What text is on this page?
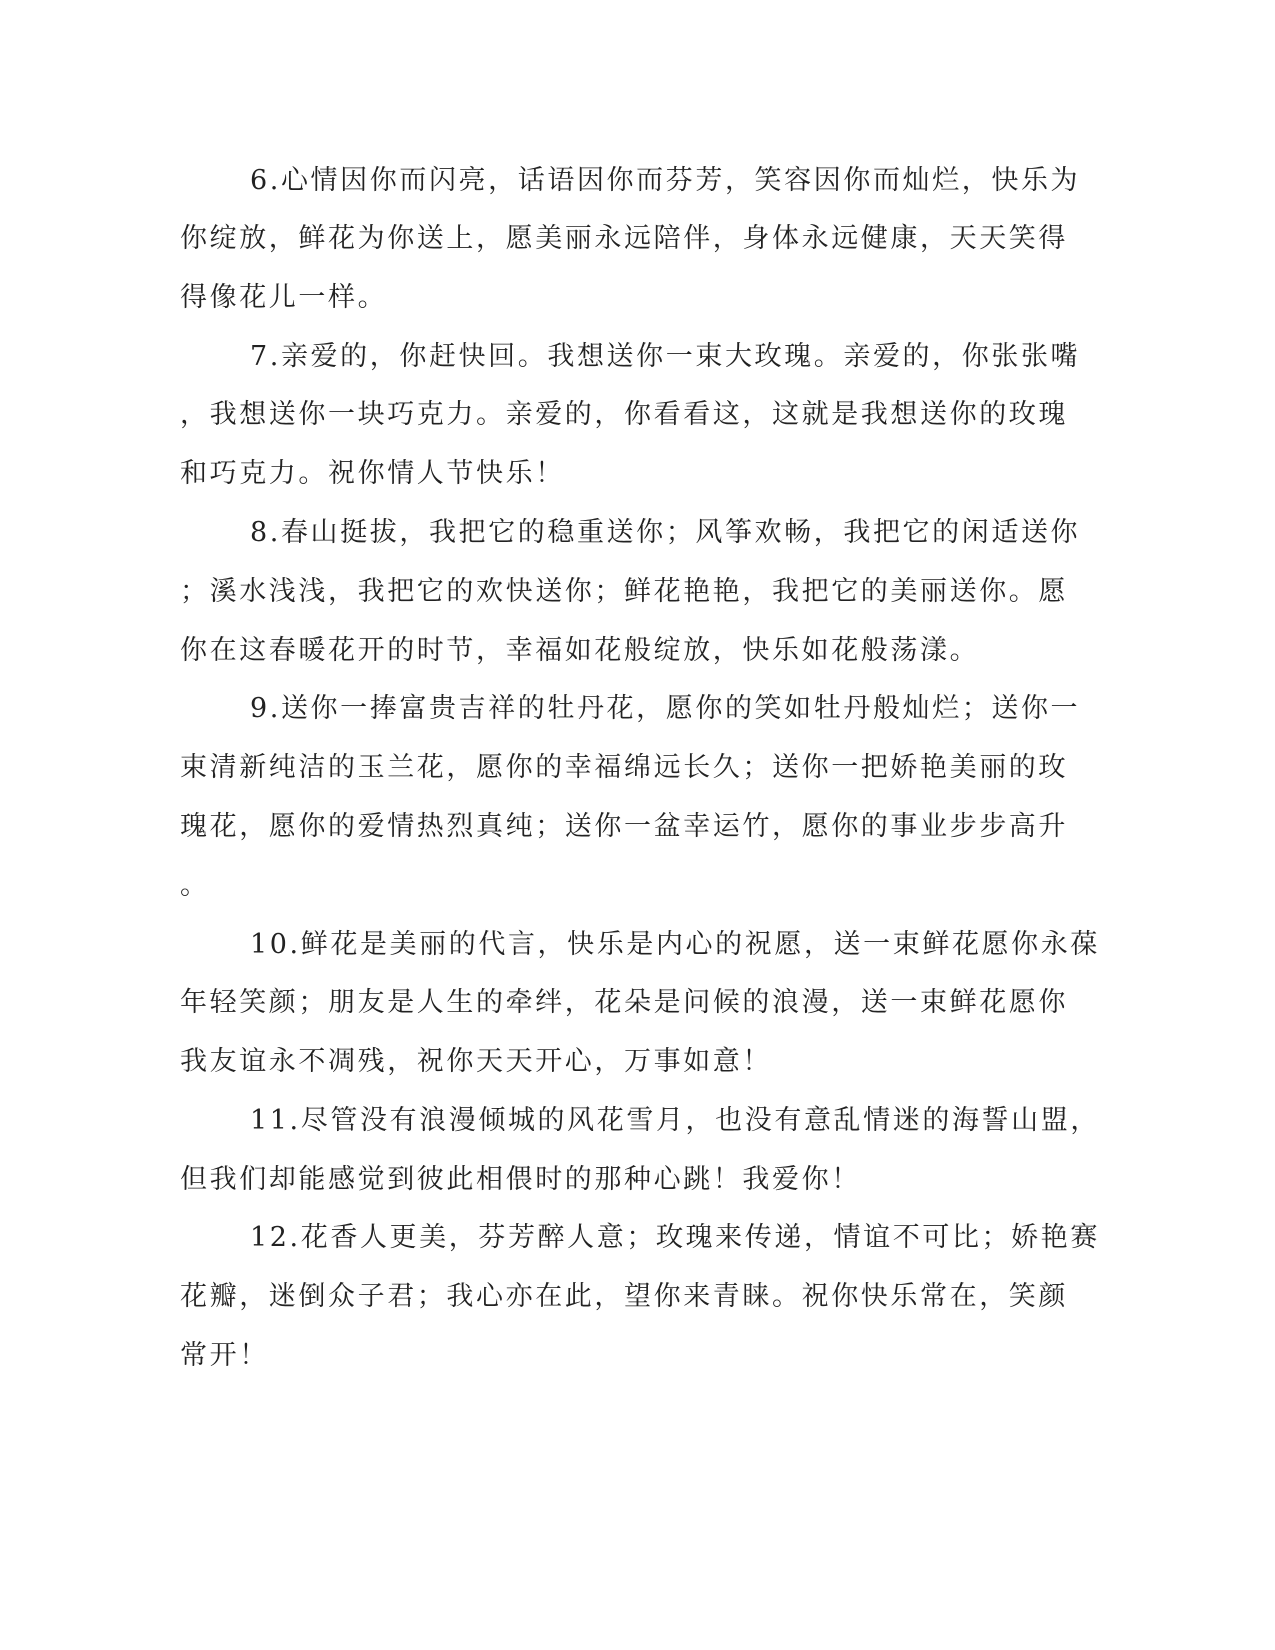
6.心情因你而闪亮，话语因你而芬芳，笑容因你而灿烂，快乐为
你绽放，鲜花为你送上，愿美丽永远陪伴，身体永远健康，天天笑得
得像花儿一样。
7.亲爱的，你赶快回。我想送你一束大玫瑰。亲爱的，你张张嘴
，我想送你一块巧克力。亲爱的，你看看这，这就是我想送你的玫瑰
和巧克力。祝你情人节快乐！
8.春山挺拔，我把它的稳重送你；风筝欢畅，我把它的闲适送你
；溪水浅浅，我把它的欢快送你；鲜花艳艳，我把它的美丽送你。愿
你在这春暖花开的时节，幸福如花般绽放，快乐如花般荡漾。
9.送你一捧富贵吉祥的牡丹花，愿你的笑如牡丹般灿烂；送你一
束清新纯洁的玉兰花，愿你的幸福绵远长久；送你一把娇艳美丽的玫
瑰花，愿你的爱情热烈真纯；送你一盆幸运竹，愿你的事业步步高升
。
10.鲜花是美丽的代言，快乐是内心的祝愿，送一束鲜花愿你永葆
年轻笑颜；朋友是人生的牵绊，花朵是问候的浪漫，送一束鲜花愿你
我友谊永不凋残，祝你天天开心，万事如意！
11.尽管没有浪漫倾城的风花雪月，也没有意乱情迷的海誓山盟，
但我们却能感觉到彼此相偎时的那种心跳！我爱你！
12.花香人更美，芬芳醉人意；玫瑰来传递，情谊不可比；娇艳赛
花瓣，迷倒众子君；我心亦在此，望你来青睐。祝你快乐常在，笑颜
常开！
